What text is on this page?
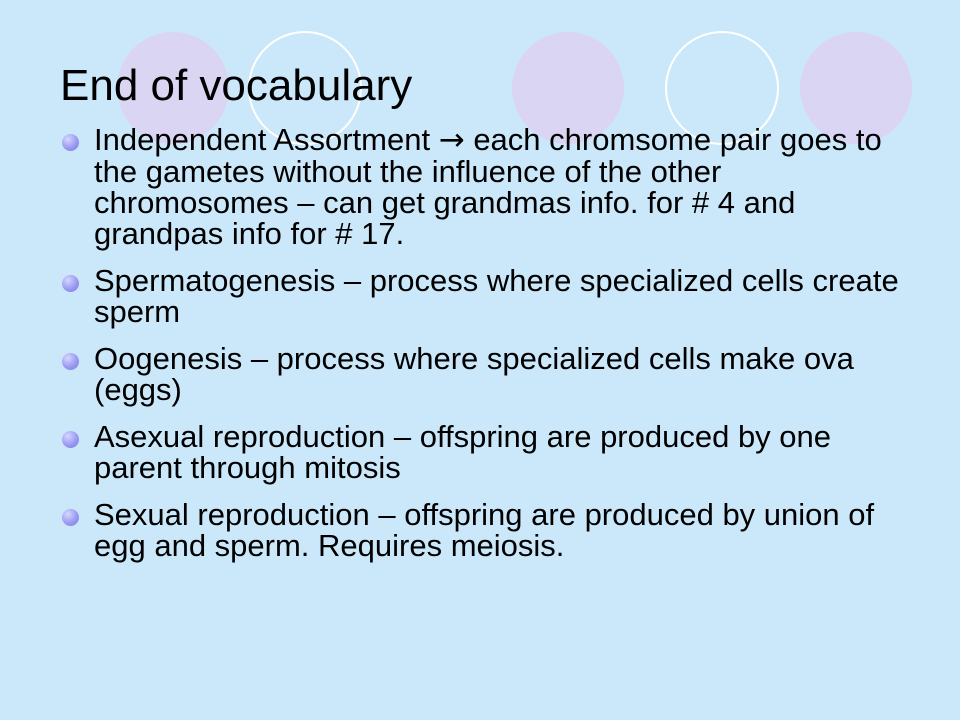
End of vocabulary
Independent Assortment → each chromsome pair goes to the gametes without the influence of the other chromosomes – can get grandmas info. for # 4 and grandpas info for # 17.
Spermatogenesis – process where specialized cells create sperm
Oogenesis – process where specialized cells make ova (eggs)
Asexual reproduction – offspring are produced by one parent through mitosis
Sexual reproduction – offspring are produced by union of egg and sperm. Requires meiosis.
